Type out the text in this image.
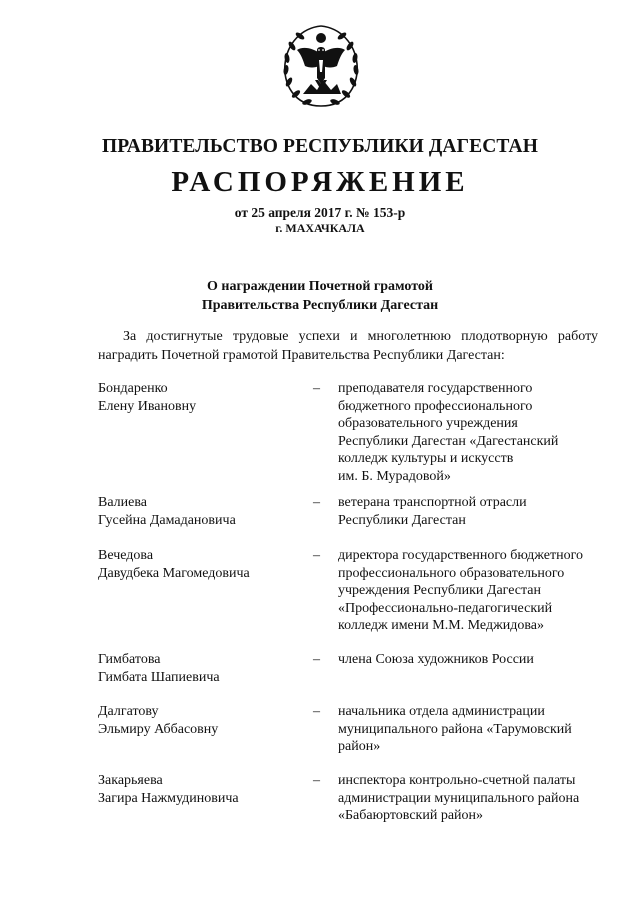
ПРАВИТЕЛЬСТВО РЕСПУБЛИКИ ДАГЕСТАН
РАСПОРЯЖЕНИЕ
от 25 апреля 2017 г. № 153-р
г. МАХАЧКАЛА
О награждении Почетной грамотой
Правительства Республики Дагестан
За достигнутые трудовые успехи и многолетнюю плодотворную работу наградить Почетной грамотой Правительства Республики Дагестан:
Бондаренко
Елену Ивановну
– преподавателя государственного
бюджетного профессионального
образовательного учреждения
Республики Дагестан «Дагестанский
колледж культуры и искусств
им. Б. Мурадовой»
Валиева
Гусейна Дамадановича
– ветерана транспортной отрасли
Республики Дагестан
Вечедова
Давудбека Магомедовича
– директора государственного бюджетного
профессионального образовательного
учреждения Республики Дагестан
«Профессионально-педагогический
колледж имени М.М. Меджидова»
Гимбатова
Гимбата Шапиевича
– члена Союза художников России
Далгатову
Эльмиру Аббасовну
– начальника отдела администрации
муниципального района «Тарумовский
район»
Закарьяева
Загира Нажмудиновича
– инспектора контрольно-счетной палаты
администрации муниципального района
«Бабаюртовский район»
